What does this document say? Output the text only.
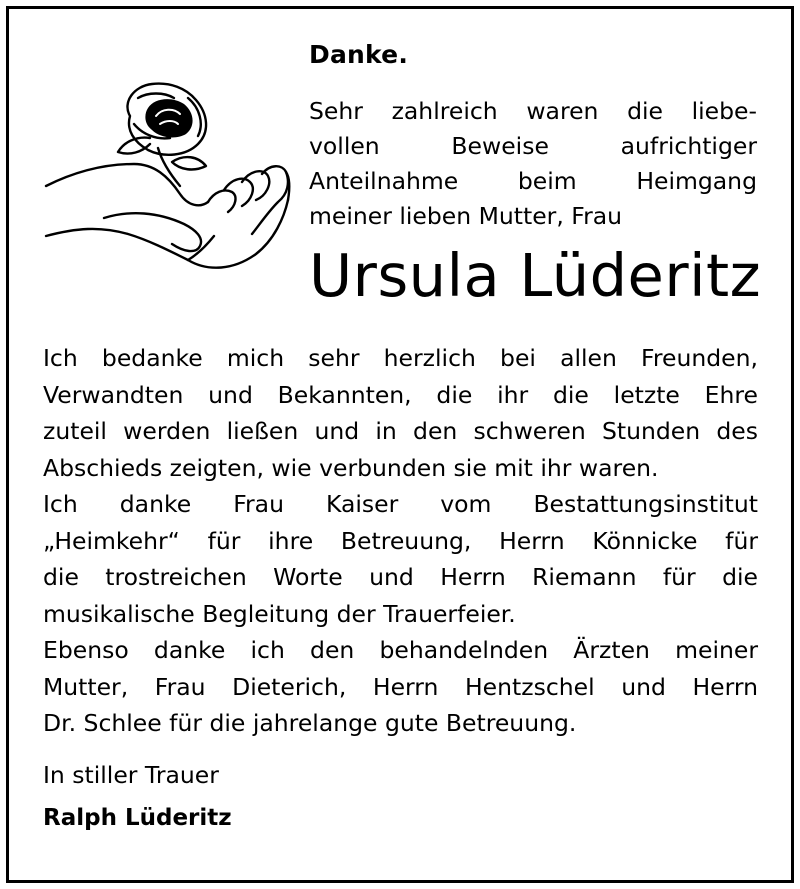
Danke.
Sehr zahlreich waren die liebe-
vollen Beweise aufrichtiger
Anteilnahme beim Heimgang
meiner lieben Mutter, Frau
Ursula Lüderitz
Ich bedanke mich sehr herzlich bei allen Freunden,
Verwandten und Bekannten, die ihr die letzte Ehre
zuteil werden ließen und in den schweren Stunden des
Abschieds zeigten, wie verbunden sie mit ihr waren.
Ich danke Frau Kaiser vom Bestattungsinstitut
„Heimkehr“ für ihre Betreuung, Herrn Könnicke für
die trostreichen Worte und Herrn Riemann für die
musikalische Begleitung der Trauerfeier.
Ebenso danke ich den behandelnden Ärzten meiner
Mutter, Frau Dieterich, Herrn Hentzschel und Herrn
Dr. Schlee für die jahrelange gute Betreuung.
In stiller Trauer
Ralph Lüderitz
